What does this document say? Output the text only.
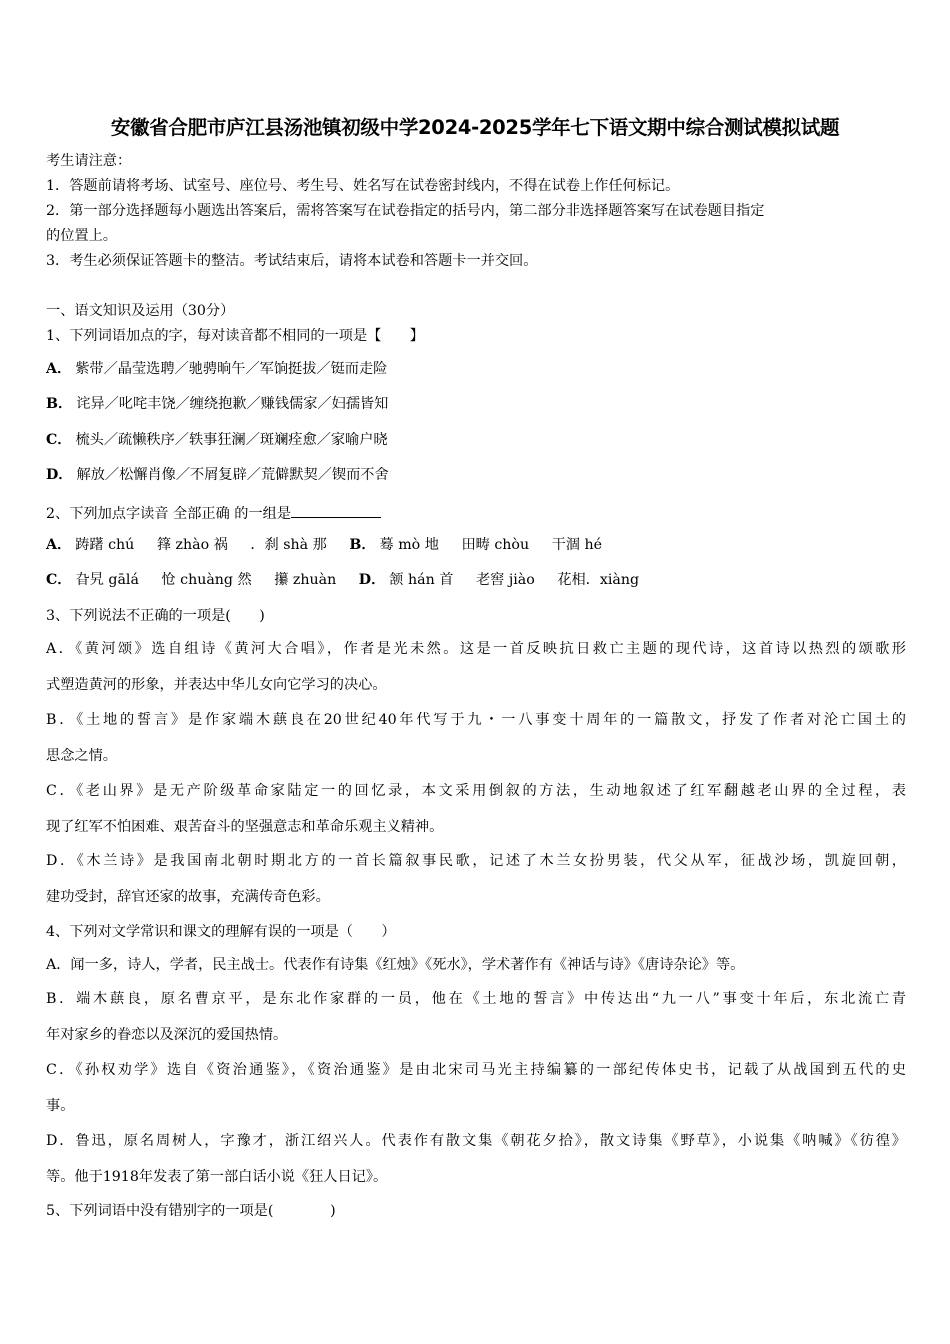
安徽省合肥市庐江县汤池镇初级中学2024-2025学年七下语文期中综合测试模拟试题
考生请注意：
1．答题前请将考场、试室号、座位号、考生号、姓名写在试卷密封线内，不得在试卷上作任何标记。
2．第一部分选择题每小题选出答案后，需将答案写在试卷指定的括号内，第二部分非选择题答案写在试卷题目指定
的位置上。
3．考生必须保证答题卡的整洁。考试结束后，请将本试卷和答题卡一并交回。
一、语文知识及运用（30分）
1、下列词语加点的字，每对读音都不相同的一项是【　　】
A． 紫带／晶莹选聘／驰骋晌午／军饷挺拔／铤而走险
B． 诧异／叱咤丰饶／缠绕抱歉／赚钱儒家／妇孺皆知
C． 梳头／疏懒秩序／轶事狂澜／斑斓痊愈／家喻户晓
D． 解放／松懈肖像／不屑复辟／荒僻默契／锲而不舍
2、下列加点字读音 全部正确 的一组是
A． 踌躇 chú 箨 zhào 祸 ．刹 shà 那 B． 蓦 mò 地 田畴 chòu 干涸 hé
C． 旮旯 gālá 怆 chuàng 然 攥 zhuàn D． 颔 hán 首 老窖 jiào 花相．xiàng
3、下列说法不正确的一项是(　　)
A．《黄河颂》选自组诗《黄河大合唱》，作者是光未然。这是一首反映抗日救亡主题的现代诗，这首诗以热烈的颂歌形
式塑造黄河的形象，并表达中华儿女向它学习的决心。
B．《土地的誓言》是作家端木蕻良在20世纪40年代写于九・一八事变十周年的一篇散文，抒发了作者对沦亡国土的
思念之情。
C．《老山界》是无产阶级革命家陆定一的回忆录，本文采用倒叙的方法，生动地叙述了红军翻越老山界的全过程，表
现了红军不怕困难、艰苦奋斗的坚强意志和革命乐观主义精神。
D．《木兰诗》是我国南北朝时期北方的一首长篇叙事民歌，记述了木兰女扮男装，代父从军，征战沙场，凯旋回朝，
建功受封，辞官还家的故事，充满传奇色彩。
4、下列对文学常识和课文的理解有误的一项是（　　）
A．闻一多，诗人，学者，民主战士。代表作有诗集《红烛》《死水》，学术著作有《神话与诗》《唐诗杂论》等。
B．端木蕻良，原名曹京平，是东北作家群的一员，他在《土地的誓言》中传达出“九一八”事变十年后，东北流亡青
年对家乡的眷恋以及深沉的爱国热情。
C．《孙权劝学》选自《资治通鉴》，《资治通鉴》是由北宋司马光主持编纂的一部纪传体史书，记载了从战国到五代的史
事。
D．鲁迅，原名周树人，字豫才，浙江绍兴人。代表作有散文集《朝花夕拾》，散文诗集《野草》，小说集《呐喊》《彷徨》
等。他于1918年发表了第一部白话小说《狂人日记》。
5、下列词语中没有错别字的一项是(　　　　)
